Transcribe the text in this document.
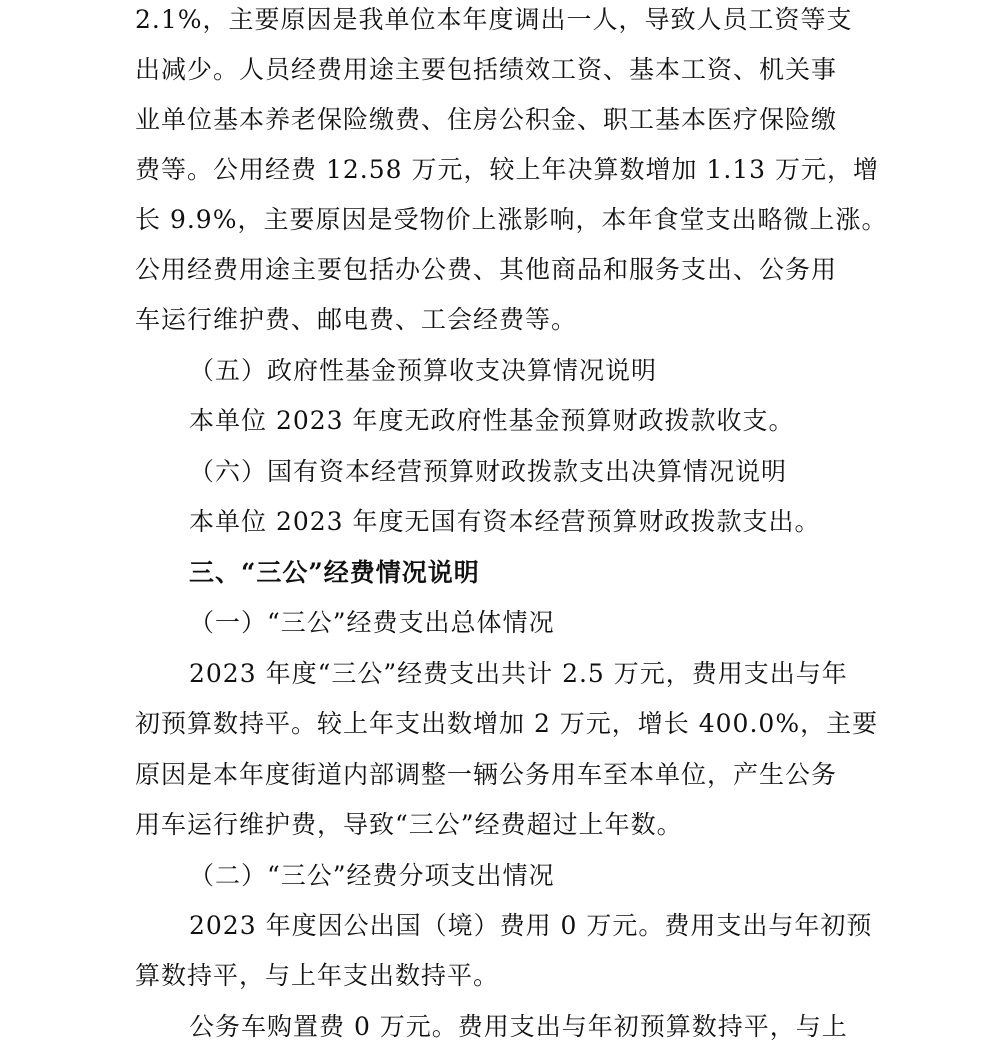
2.1%，主要原因是我单位本年度调出一人，导致人员工资等支
出减少。人员经费用途主要包括绩效工资、基本工资、机关事
业单位基本养老保险缴费、住房公积金、职工基本医疗保险缴
费等。公用经费 12.58 万元，较上年决算数增加 1.13 万元，增
长 9.9%，主要原因是受物价上涨影响，本年食堂支出略微上涨。
公用经费用途主要包括办公费、其他商品和服务支出、公务用
车运行维护费、邮电费、工会经费等。
（五）政府性基金预算收支决算情况说明
本单位 2023 年度无政府性基金预算财政拨款收支。
（六）国有资本经营预算财政拨款支出决算情况说明
本单位 2023 年度无国有资本经营预算财政拨款支出。
三、“三公”经费情况说明
（一）“三公”经费支出总体情况
2023 年度“三公”经费支出共计 2.5 万元，费用支出与年
初预算数持平。较上年支出数增加 2 万元，增长 400.0%，主要
原因是本年度街道内部调整一辆公务用车至本单位，产生公务
用车运行维护费，导致“三公”经费超过上年数。
（二）“三公”经费分项支出情况
2023 年度因公出国（境）费用 0 万元。费用支出与年初预
算数持平，与上年支出数持平。
公务车购置费 0 万元。费用支出与年初预算数持平，与上
